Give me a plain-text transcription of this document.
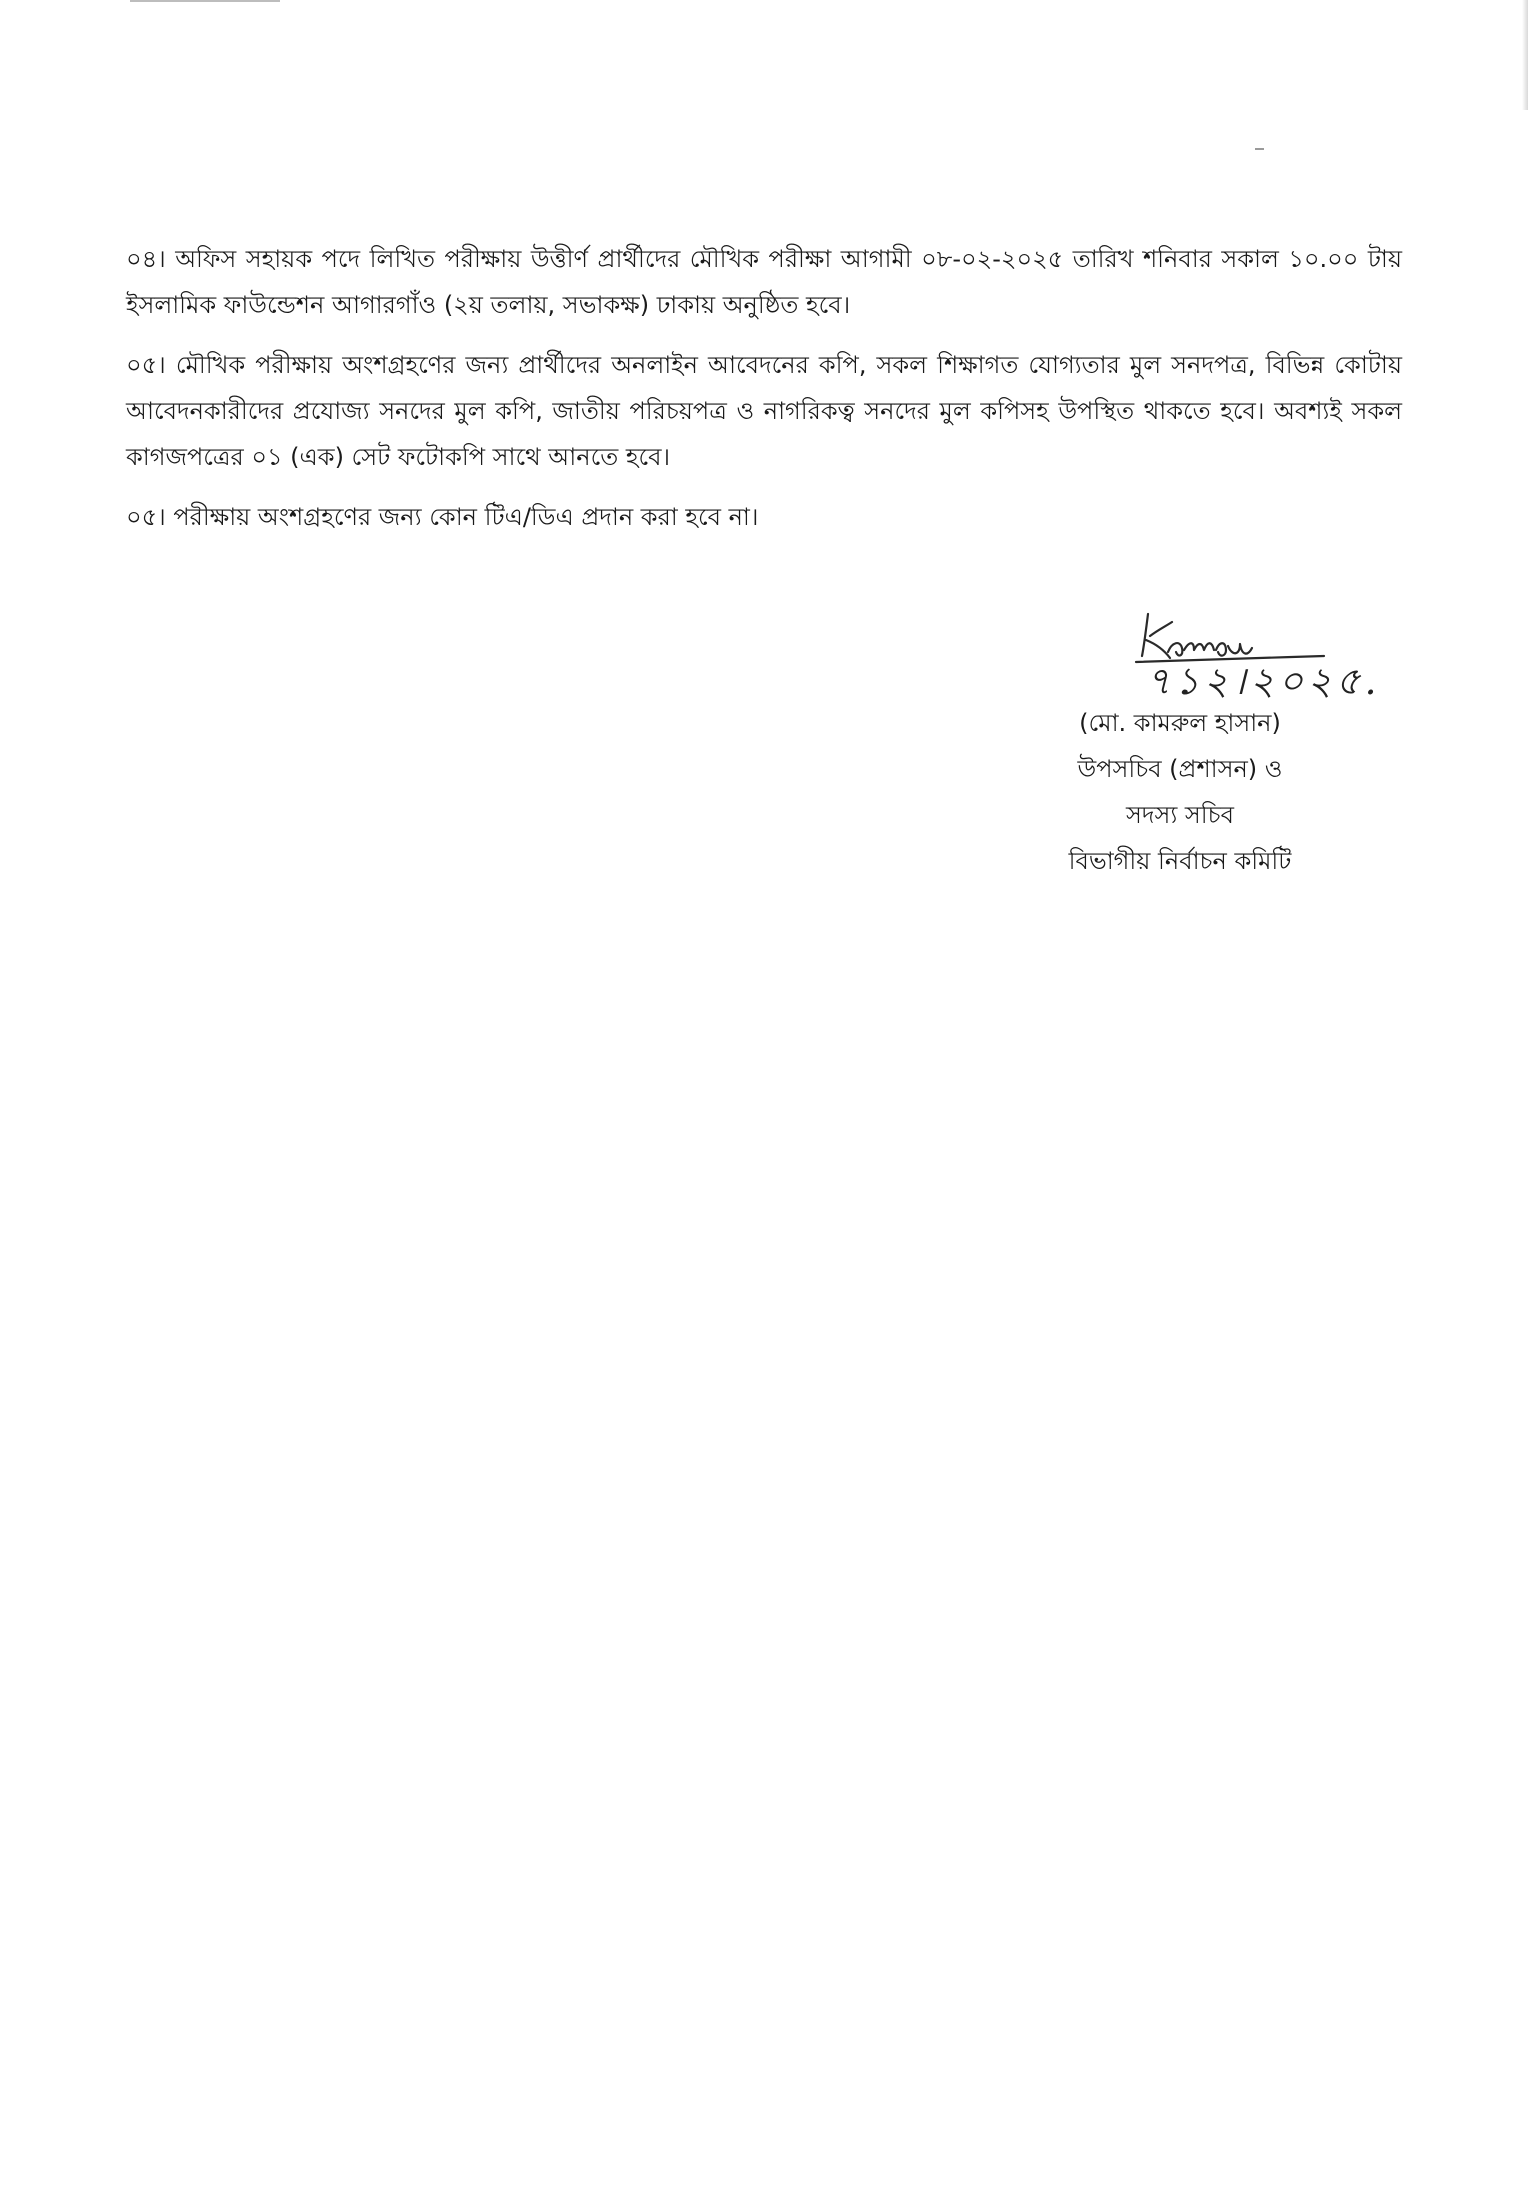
০৪। অফিস সহায়ক পদে লিখিত পরীক্ষায় উত্তীর্ণ প্রার্থীদের মৌখিক পরীক্ষা আগামী ০৮-০২-২০২৫ তারিখ শনিবার সকাল ১০.০০ টায় ইসলামিক ফাউন্ডেশন আগারগাঁও (২য় তলায়, সভাকক্ষ) ঢাকায় অনুষ্ঠিত হবে।

০৫। মৌখিক পরীক্ষায় অংশগ্রহণের জন্য প্রার্থীদের অনলাইন আবেদনের কপি, সকল শিক্ষাগত যোগ্যতার মুল সনদপত্র, বিভিন্ন কোটায় আবেদনকারীদের প্রযোজ্য সনদের মুল কপি, জাতীয় পরিচয়পত্র ও নাগরিকত্ব সনদের মুল কপিসহ উপস্থিত থাকতে হবে। অবশ্যই সকল কাগজপত্রের ০১ (এক) সেট ফটোকপি সাথে আনতে হবে।

০৫। পরীক্ষায় অংশগ্রহণের জন্য কোন টিএ/ডিএ প্রদান করা হবে না।

৭১২।২০২৫.
(মো. কামরুল হাসান)
উপসচিব (প্রশাসন) ও
সদস্য সচিব
বিভাগীয় নির্বাচন কমিটি
